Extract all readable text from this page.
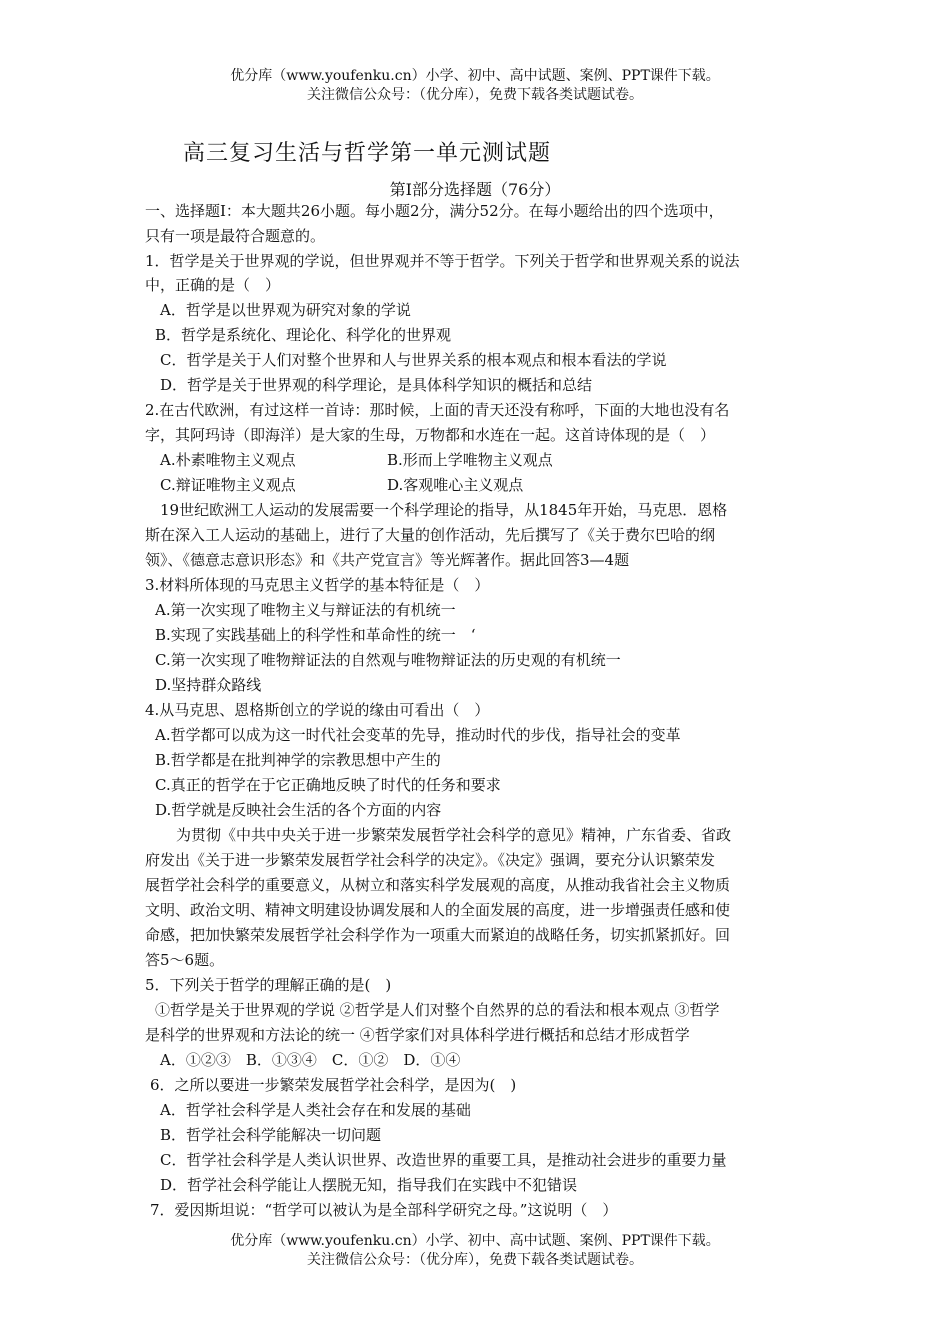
优分库（www.youfenku.cn）小学、初中、高中试题、案例、PPT课件下载。
关注微信公众号：（优分库），免费下载各类试题试卷。
高三复习生活与哲学第一单元测试题
第Ⅰ部分选择题（76分）
一、选择题Ⅰ：本大题共26小题。每小题2分，满分52分。在每小题给出的四个选项中，
只有一项是最符合题意的。
1．哲学是关于世界观的学说，但世界观并不等于哲学。下列关于哲学和世界观关系的说法
中，正确的是（　）
A．哲学是以世界观为研究对象的学说
B．哲学是系统化、理论化、科学化的世界观
C．哲学是关于人们对整个世界和人与世界关系的根本观点和根本看法的学说
D．哲学是关于世界观的科学理论，是具体科学知识的概括和总结
2.在古代欧洲，有过这样一首诗：那时候，上面的青天还没有称呼，下面的大地也没有名
字，其阿玛诗（即海洋）是大家的生母，万物都和水连在一起。这首诗体现的是（　）
A.朴素唯物主义观点	B.形而上学唯物主义观点
C.辩证唯物主义观点	D.客观唯心主义观点
19世纪欧洲工人运动的发展需要一个科学理论的指导，从1845年开始，马克思．恩格
斯在深入工人运动的基础上，进行了大量的创作活动，先后撰写了《关于费尔巴哈的纲
领》、《德意志意识形态》和《共产党宣言》等光辉著作。据此回答3—4题
3.材料所体现的马克思主义哲学的基本特征是（　）
A.第一次实现了唯物主义与辩证法的有机统一
B.实现了实践基础上的科学性和革命性的统一　‘
C.第一次实现了唯物辩证法的自然观与唯物辩证法的历史观的有机统一
D.坚持群众路线
4.从马克思、恩格斯创立的学说的缘由可看出（　）
A.哲学都可以成为这一时代社会变革的先导，推动时代的步伐，指导社会的变革
B.哲学都是在批判神学的宗教思想中产生的
C.真正的哲学在于它正确地反映了时代的任务和要求
D.哲学就是反映社会生活的各个方面的内容
为贯彻《中共中央关于进一步繁荣发展哲学社会科学的意见》精神，广东省委、省政
府发出《关于进一步繁荣发展哲学社会科学的决定》。《决定》强调，要充分认识繁荣发
展哲学社会科学的重要意义，从树立和落实科学发展观的高度，从推动我省社会主义物质
文明、政治文明、精神文明建设协调发展和人的全面发展的高度，进一步增强责任感和使
命感，把加快繁荣发展哲学社会科学作为一项重大而紧迫的战略任务，切实抓紧抓好。回
答5～6题。
5．下列关于哲学的理解正确的是(　)
①哲学是关于世界观的学说 ②哲学是人们对整个自然界的总的看法和根本观点 ③哲学
是科学的世界观和方法论的统一 ④哲学家们对具体科学进行概括和总结才形成哲学
A．①②③　B．①③④　C．①②　D．①④
6．之所以要进一步繁荣发展哲学社会科学，是因为(　)
A．哲学社会科学是人类社会存在和发展的基础
B．哲学社会科学能解决一切问题
C．哲学社会科学是人类认识世界、改造世界的重要工具，是推动社会进步的重要力量
D．哲学社会科学能让人摆脱无知，指导我们在实践中不犯错误
7．爱因斯坦说：“哲学可以被认为是全部科学研究之母。”这说明（　）
优分库（www.youfenku.cn）小学、初中、高中试题、案例、PPT课件下载。
关注微信公众号：（优分库），免费下载各类试题试卷。
